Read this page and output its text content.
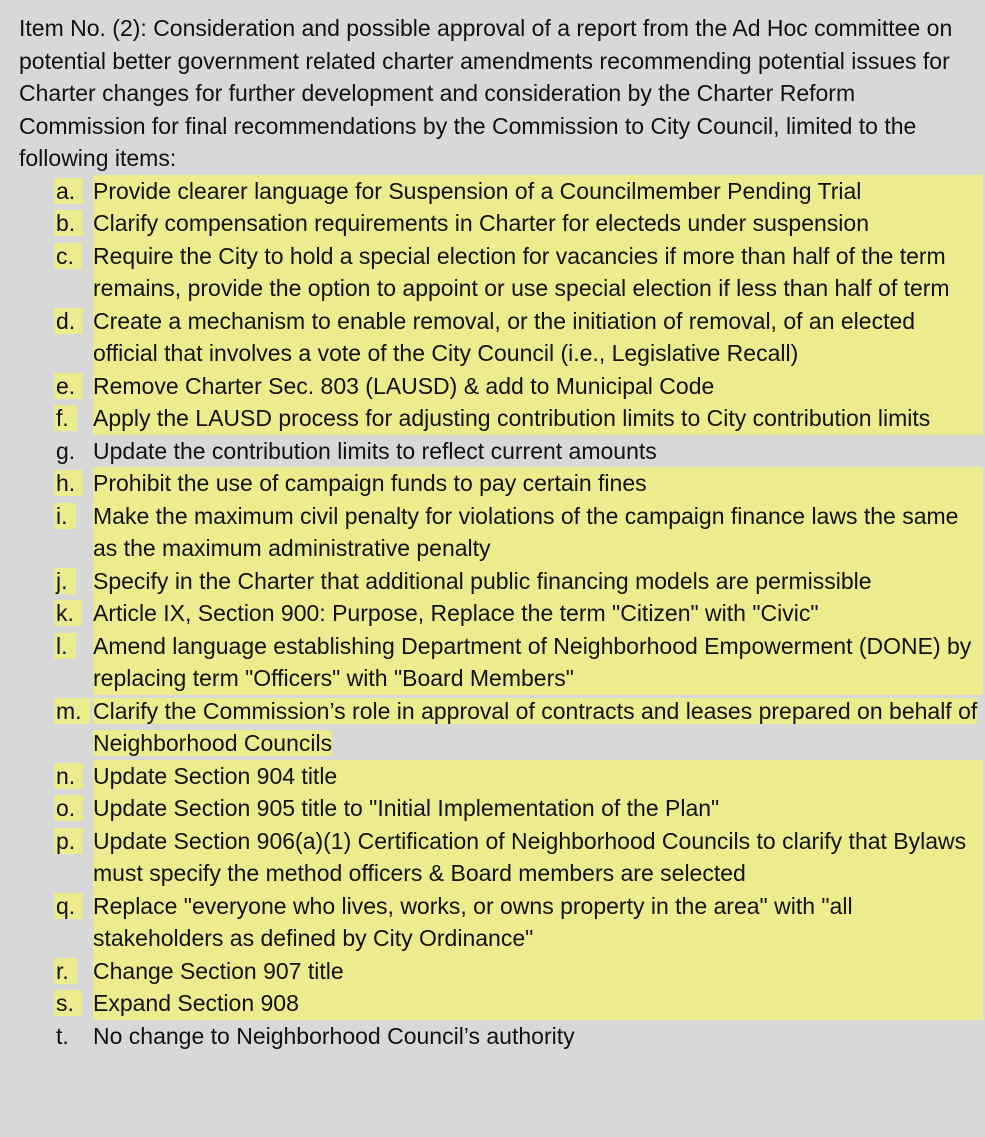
Item No. (2): Consideration and possible approval of a report from the Ad Hoc committee on potential better government related charter amendments recommending potential issues for Charter changes for further development and consideration by the Charter Reform Commission for final recommendations by the Commission to City Council, limited to the following items:

a. Provide clearer language for Suspension of a Councilmember Pending Trial
b. Clarify compensation requirements in Charter for electeds under suspension
c. Require the City to hold a special election for vacancies if more than half of the term remains, provide the option to appoint or use special election if less than half of term
d. Create a mechanism to enable removal, or the initiation of removal, of an elected official that involves a vote of the City Council (i.e., Legislative Recall)
e. Remove Charter Sec. 803 (LAUSD) & add to Municipal Code
f.	Apply the LAUSD process for adjusting contribution limits to City contribution limits
g. Update the contribution limits to reflect current amounts
h. Prohibit the use of campaign funds to pay certain fines
i.	Make the maximum civil penalty for violations of the campaign finance laws the same as the maximum administrative penalty
j.	Specify in the Charter that additional public financing models are permissible
k. Article IX, Section 900: Purpose, Replace the term "Citizen" with "Civic"
l.	Amend language establishing Department of Neighborhood Empowerment (DONE) by replacing term "Officers" with "Board Members"
m. Clarify the Commission’s role in approval of contracts and leases prepared on behalf of Neighborhood Councils
n. Update Section 904 title
o. Update Section 905 title to "Initial Implementation of the Plan"
p. Update Section 906(a)(1) Certification of Neighborhood Councils to clarify that Bylaws must specify the method officers & Board members are selected
q. Replace "everyone who lives, works, or owns property in the area" with "all stakeholders as defined by City Ordinance"
r.	Change Section 907 title
s. Expand Section 908
t.	No change to Neighborhood Council’s authority
